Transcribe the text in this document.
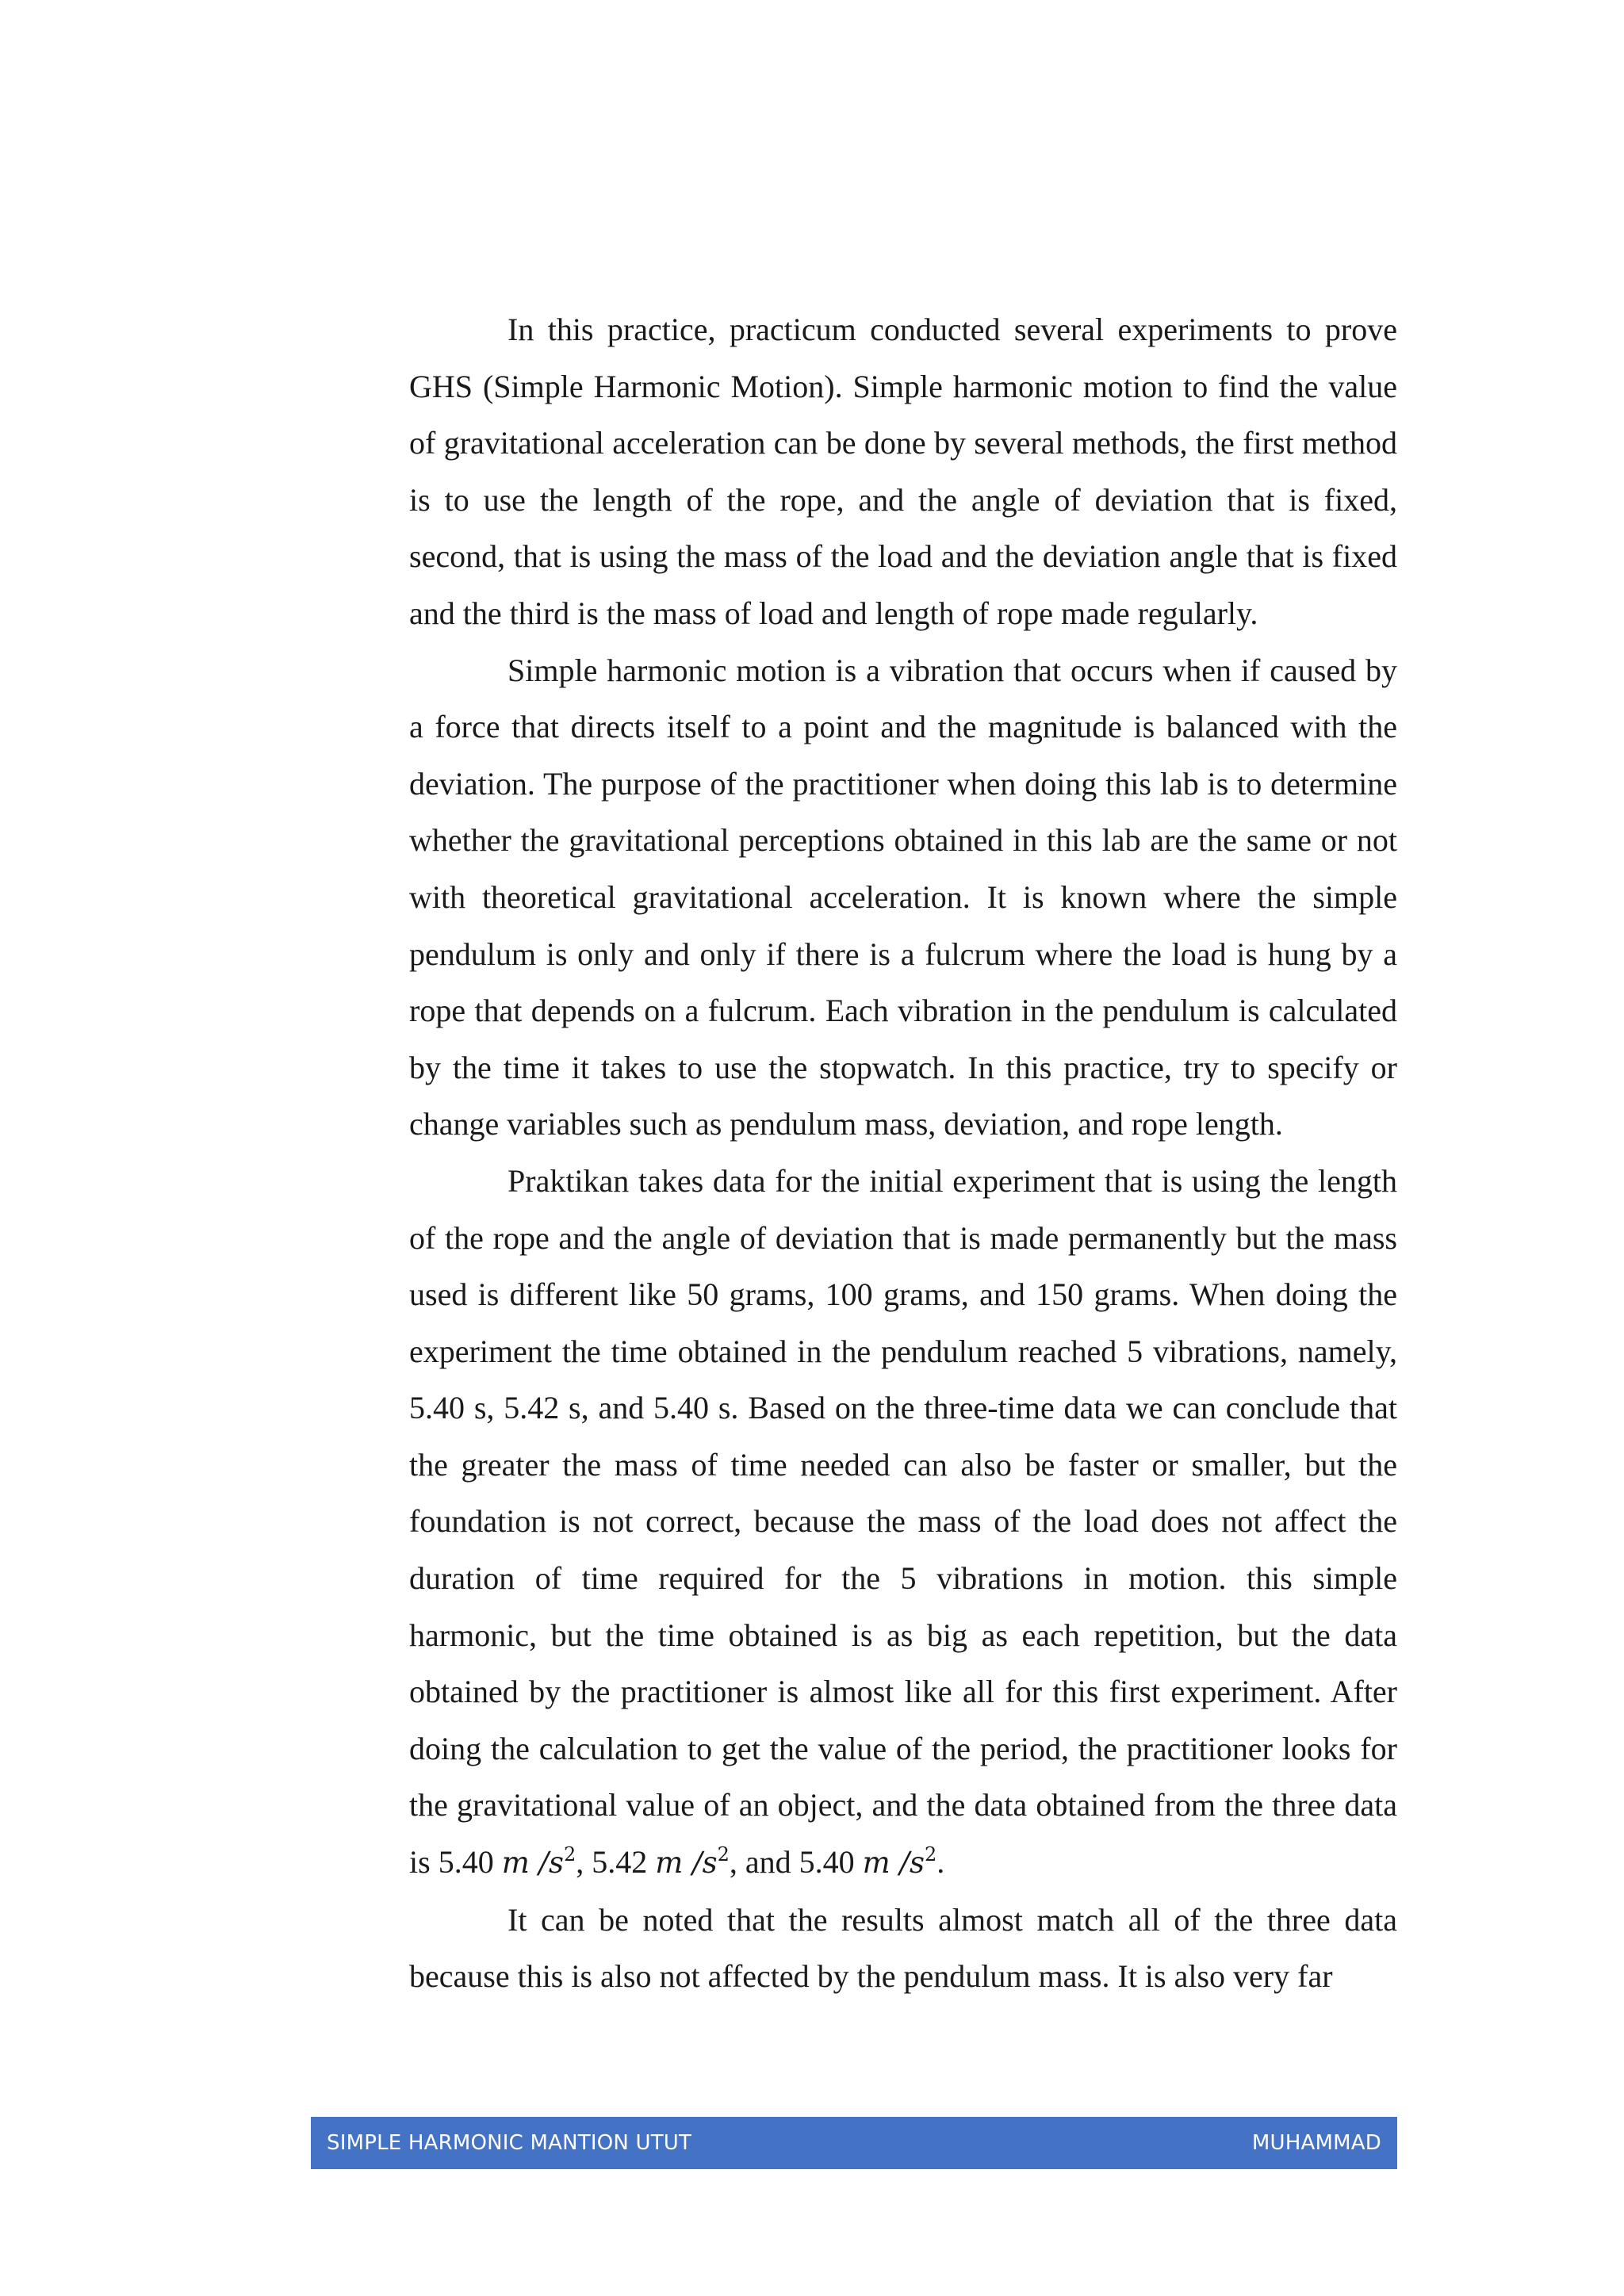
In this practice, practicum conducted several experiments to prove GHS (Simple Harmonic Motion). Simple harmonic motion to find the value of gravitational acceleration can be done by several methods, the first method is to use the length of the rope, and the angle of deviation that is fixed, second, that is using the mass of the load and the deviation angle that is fixed and the third is the mass of load and length of rope made regularly.

Simple harmonic motion is a vibration that occurs when if caused by a force that directs itself to a point and the magnitude is balanced with the deviation. The purpose of the practitioner when doing this lab is to determine whether the gravitational perceptions obtained in this lab are the same or not with theoretical gravitational acceleration. It is known where the simple pendulum is only and only if there is a fulcrum where the load is hung by a rope that depends on a fulcrum. Each vibration in the pendulum is calculated by the time it takes to use the stopwatch. In this practice, try to specify or change variables such as pendulum mass, deviation, and rope length.

Praktikan takes data for the initial experiment that is using the length of the rope and the angle of deviation that is made permanently but the mass used is different like 50 grams, 100 grams, and 150 grams. When doing the experiment the time obtained in the pendulum reached 5 vibrations, namely, 5.40 s, 5.42 s, and 5.40 s. Based on the three-time data we can conclude that the greater the mass of time needed can also be faster or smaller, but the foundation is not correct, because the mass of the load does not affect the duration of time required for the 5 vibrations in motion. this simple harmonic, but the time obtained is as big as each repetition, but the data obtained by the practitioner is almost like all for this first experiment. After doing the calculation to get the value of the period, the practitioner looks for the gravitational value of an object, and the data obtained from the three data is 5.40 m $/s^2$, 5.42 m $/s^2$, and 5.40 m $/s^2$.

It can be noted that the results almost match all of the three data because this is also not affected by the pendulum mass. It is also very far

SIMPLE HARMONIC MANTION UTUT	MUHAMMAD
